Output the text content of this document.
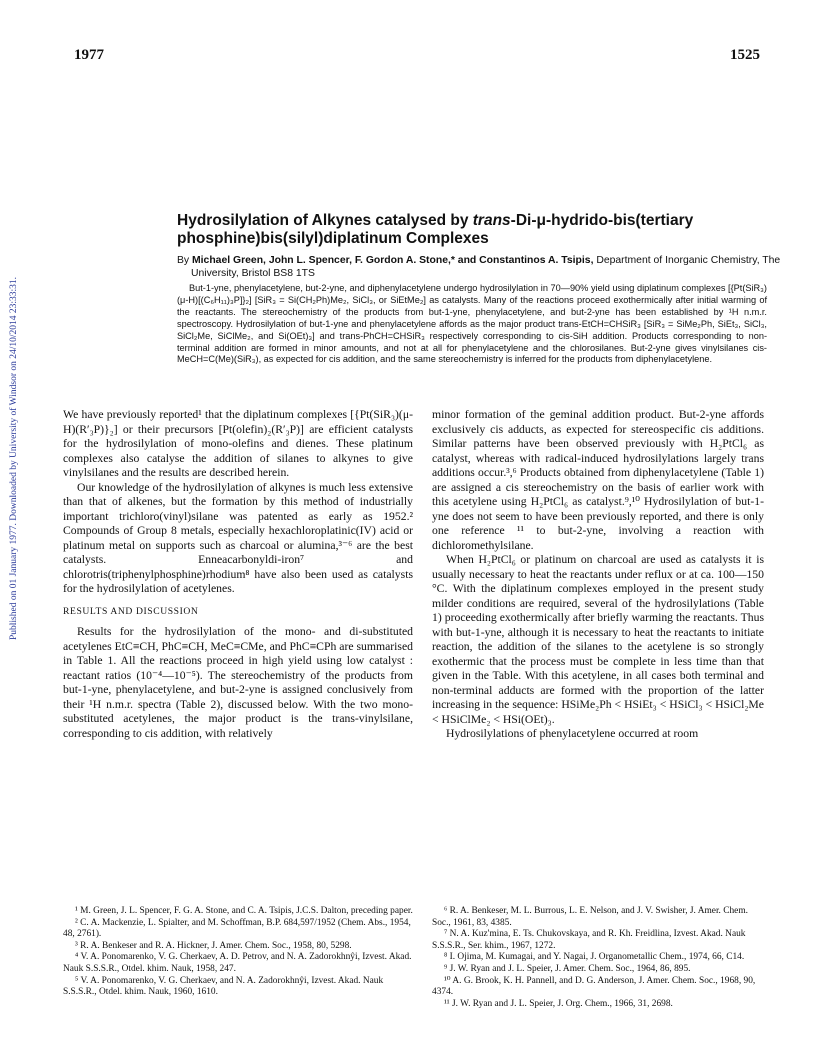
1977	1525
Published on 01 January 1977. Downloaded by University of Windsor on 24/10/2014 23:33:31.
Hydrosilylation of Alkynes catalysed by trans-Di-μ-hydrido-bis(tertiary phosphine)bis(silyl)diplatinum Complexes
By Michael Green, John L. Spencer, F. Gordon A. Stone,* and Constantinos A. Tsipis, Department of Inorganic Chemistry, The University, Bristol BS8 1TS
But-1-yne, phenylacetylene, but-2-yne, and diphenylacetylene undergo hydrosilylation in 70—90% yield using diplatinum complexes [{Pt(SiR₃)(μ-H)[(C₆H₁₁)₃P]}₂] [SiR₃ = Si(CH₂Ph)Me₂, SiCl₃, or SiEtMe₂] as catalysts. Many of the reactions proceed exothermically after initial warming of the reactants. The stereochemistry of the products from but-1-yne, phenylacetylene, and but-2-yne has been established by ¹H n.m.r. spectroscopy. Hydrosilylation of but-1-yne and phenylacetylene affords as the major product trans-EtCH=CHSiR₃ [SiR₃ = SiMe₂Ph, SiEt₃, SiCl₃, SiCl₂Me, SiClMe₂, and Si(OEt)₃] and trans-PhCH=CHSiR₃ respectively corresponding to cis-SiH addition. Products corresponding to non-terminal addition are formed in minor amounts, and not at all for phenylacetylene and the chlorosilanes. But-2-yne gives vinylsilanes cis-MeCH=C(Me)(SiR₃), as expected for cis addition, and the same stereochemistry is inferred for the products from diphenylacetylene.

We have previously reported¹ that the diplatinum complexes [{Pt(SiR₃)(μ-H)(R′₃P)}₂] or their precursors [Pt(olefin)₂(R′₃P)] are efficient catalysts for the hydrosilylation of mono-olefins and dienes. These platinum complexes also catalyse the addition of silanes to alkynes to give vinylsilanes and the results are described herein.

Our knowledge of the hydrosilylation of alkynes is much less extensive than that of alkenes, but the formation by this method of industrially important trichloro(vinyl)silane was patented as early as 1952.² Compounds of Group 8 metals, especially hexachloroplatinic(IV) acid or platinum metal on supports such as charcoal or alumina,³⁻⁶ are the best catalysts. Enneacarbonyldi-iron⁷ and chlorotris(triphenylphosphine)rhodium⁸ have also been used as catalysts for the hydrosilylation of acetylenes.

RESULTS AND DISCUSSION

Results for the hydrosilylation of the mono- and di-substituted acetylenes EtC≡CH, PhC≡CH, MeC≡CMe, and PhC≡CPh are summarised in Table 1. All the reactions proceed in high yield using low catalyst : reactant ratios (10⁻⁴—10⁻⁵). The stereochemistry of the products from but-1-yne, phenylacetylene, and but-2-yne is assigned conclusively from their ¹H n.m.r. spectra (Table 2), discussed below. With the two mono-substituted acetylenes, the major product is the trans-vinylsilane, corresponding to cis addition, with relatively

minor formation of the geminal addition product. But-2-yne affords exclusively cis adducts, as expected for stereospecific cis additions. Similar patterns have been observed previously with H₂PtCl₆ as catalyst, whereas with radical-induced hydrosilylations largely trans additions occur.³,⁶ Products obtained from diphenylacetylene (Table 1) are assigned a cis stereochemistry on the basis of earlier work with this acetylene using H₂PtCl₆ as catalyst.⁹,¹⁰ Hydrosilylation of but-1-yne does not seem to have been previously reported, and there is only one reference ¹¹ to but-2-yne, involving a reaction with dichloromethylsilane.

When H₂PtCl₆ or platinum on charcoal are used as catalysts it is usually necessary to heat the reactants under reflux or at ca. 100—150 °C. With the diplatinum complexes employed in the present study milder conditions are required, several of the hydrosilylations (Table 1) proceeding exothermically after briefly warming the reactants. Thus with but-1-yne, although it is necessary to heat the reactants to initiate reaction, the addition of the silanes to the acetylene is so strongly exothermic that the process must be complete in less time than that given in the Table. With this acetylene, in all cases both terminal and non-terminal adducts are formed with the proportion of the latter increasing in the sequence: HSiMe₂Ph < HSiEt₃ < HSiCl₃ < HSiCl₂Me < HSiClMe₂ < HSi(OEt)₃.

Hydrosilylations of phenylacetylene occurred at room

¹ M. Green, J. L. Spencer, F. G. A. Stone, and C. A. Tsipis, J.C.S. Dalton, preceding paper.

² C. A. Mackenzie, L. Spialter, and M. Schoffman, B.P. 684,597/1952 (Chem. Abs., 1954, 48, 2761).

³ R. A. Benkeser and R. A. Hickner, J. Amer. Chem. Soc., 1958, 80, 5298.

⁴ V. A. Ponomarenko, V. G. Cherkaev, A. D. Petrov, and N. A. Zadorokhnŷi, Izvest. Akad. Nauk S.S.S.R., Otdel. khim. Nauk, 1958, 247.

⁵ V. A. Ponomarenko, V. G. Cherkaev, and N. A. Zadorokhnŷi, Izvest. Akad. Nauk S.S.S.R., Otdel. khim. Nauk, 1960, 1610.

⁶ R. A. Benkeser, M. L. Burrous, L. E. Nelson, and J. V. Swisher, J. Amer. Chem. Soc., 1961, 83, 4385.

⁷ N. A. Kuz'mina, E. Ts. Chukovskaya, and R. Kh. Freidlina, Izvest. Akad. Nauk S.S.S.R., Ser. khim., 1967, 1272.

⁸ I. Ojima, M. Kumagai, and Y. Nagai, J. Organometallic Chem., 1974, 66, C14.

⁹ J. W. Ryan and J. L. Speier, J. Amer. Chem. Soc., 1964, 86, 895.

¹⁰ A. G. Brook, K. H. Pannell, and D. G. Anderson, J. Amer. Chem. Soc., 1968, 90, 4374.

¹¹ J. W. Ryan and J. L. Speier, J. Org. Chem., 1966, 31, 2698.
